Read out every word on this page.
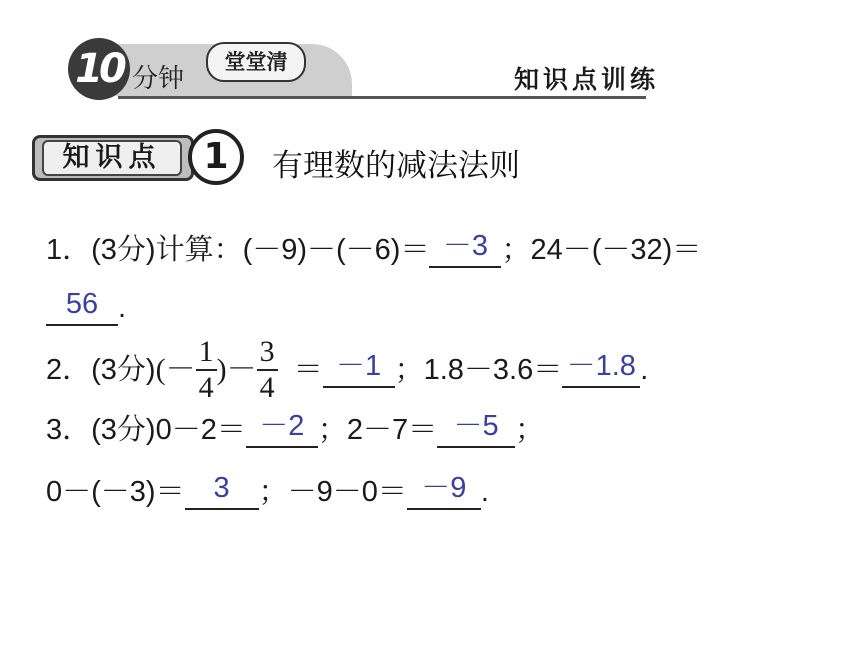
10 分钟
堂堂清
知识点训练
知识点	1	有理数的减法法则
1．(3分)计算：(－9)－(－6)＝ －3 ；24－(－32)＝
56 .
2．(3分) (－ $\frac{1}{4}$ )－ $\frac{3}{4} = -1$ ；1.8－3.6＝ －1.8 .
3．(3分)0－2＝ －2 ；2－7＝ －5 ；
0－(－3)＝ 3 ；－9－0＝ －9 .
